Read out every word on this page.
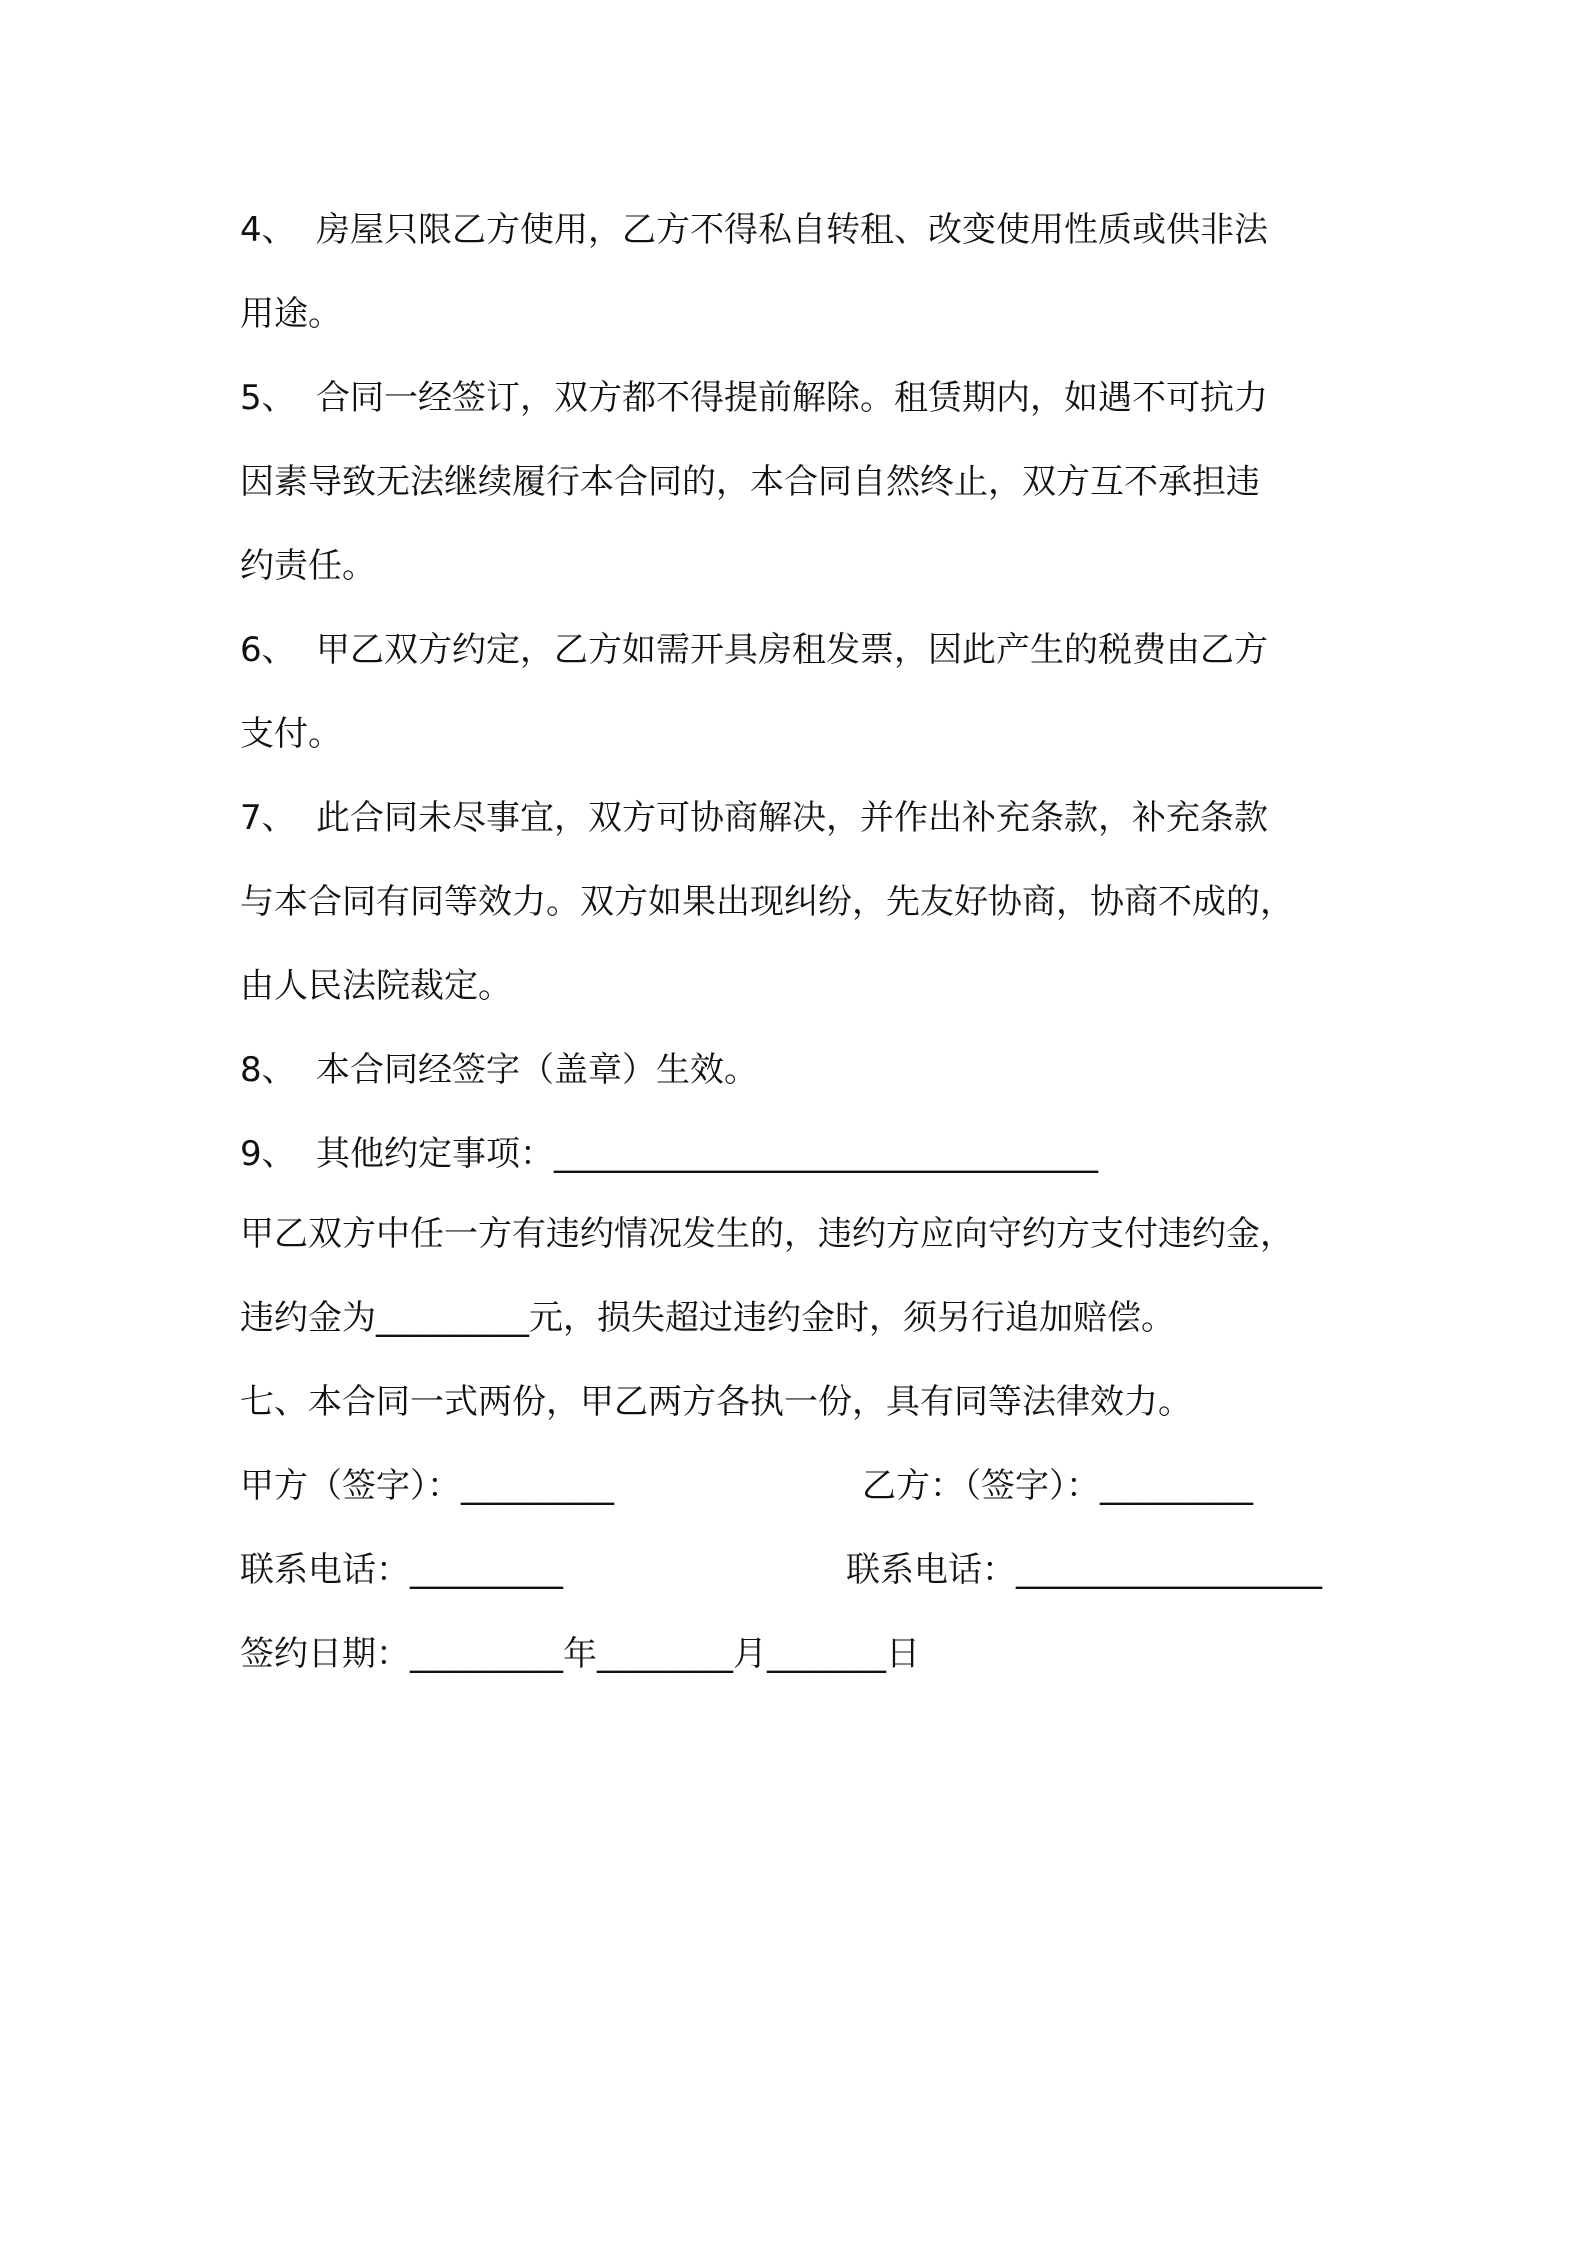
4、 房屋只限乙方使用，乙方不得私自转租、改变使用性质或供非法
用途。
5、 合同一经签订，双方都不得提前解除。租赁期内，如遇不可抗力
因素导致无法继续履行本合同的，本合同自然终止，双方互不承担违
约责任。
6、 甲乙双方约定，乙方如需开具房租发票，因此产生的税费由乙方
支付。
7、 此合同未尽事宜，双方可协商解决，并作出补充条款，补充条款
与本合同有同等效力。双方如果出现纠纷，先友好协商，协商不成的，
由人民法院裁定。
8、 本合同经签字（盖章）生效。
9、 其他约定事项：________________________________
甲乙双方中任一方有违约情况发生的，违约方应向守约方支付违约金，
违约金为_________元，损失超过违约金时，须另行追加赔偿。
七、本合同一式两份，甲乙两方各执一份，具有同等法律效力。
甲方（签字）：_________	乙方：（签字）：_________
联系电话：_________	联系电话：__________________
签约日期：_________年________月_______日
